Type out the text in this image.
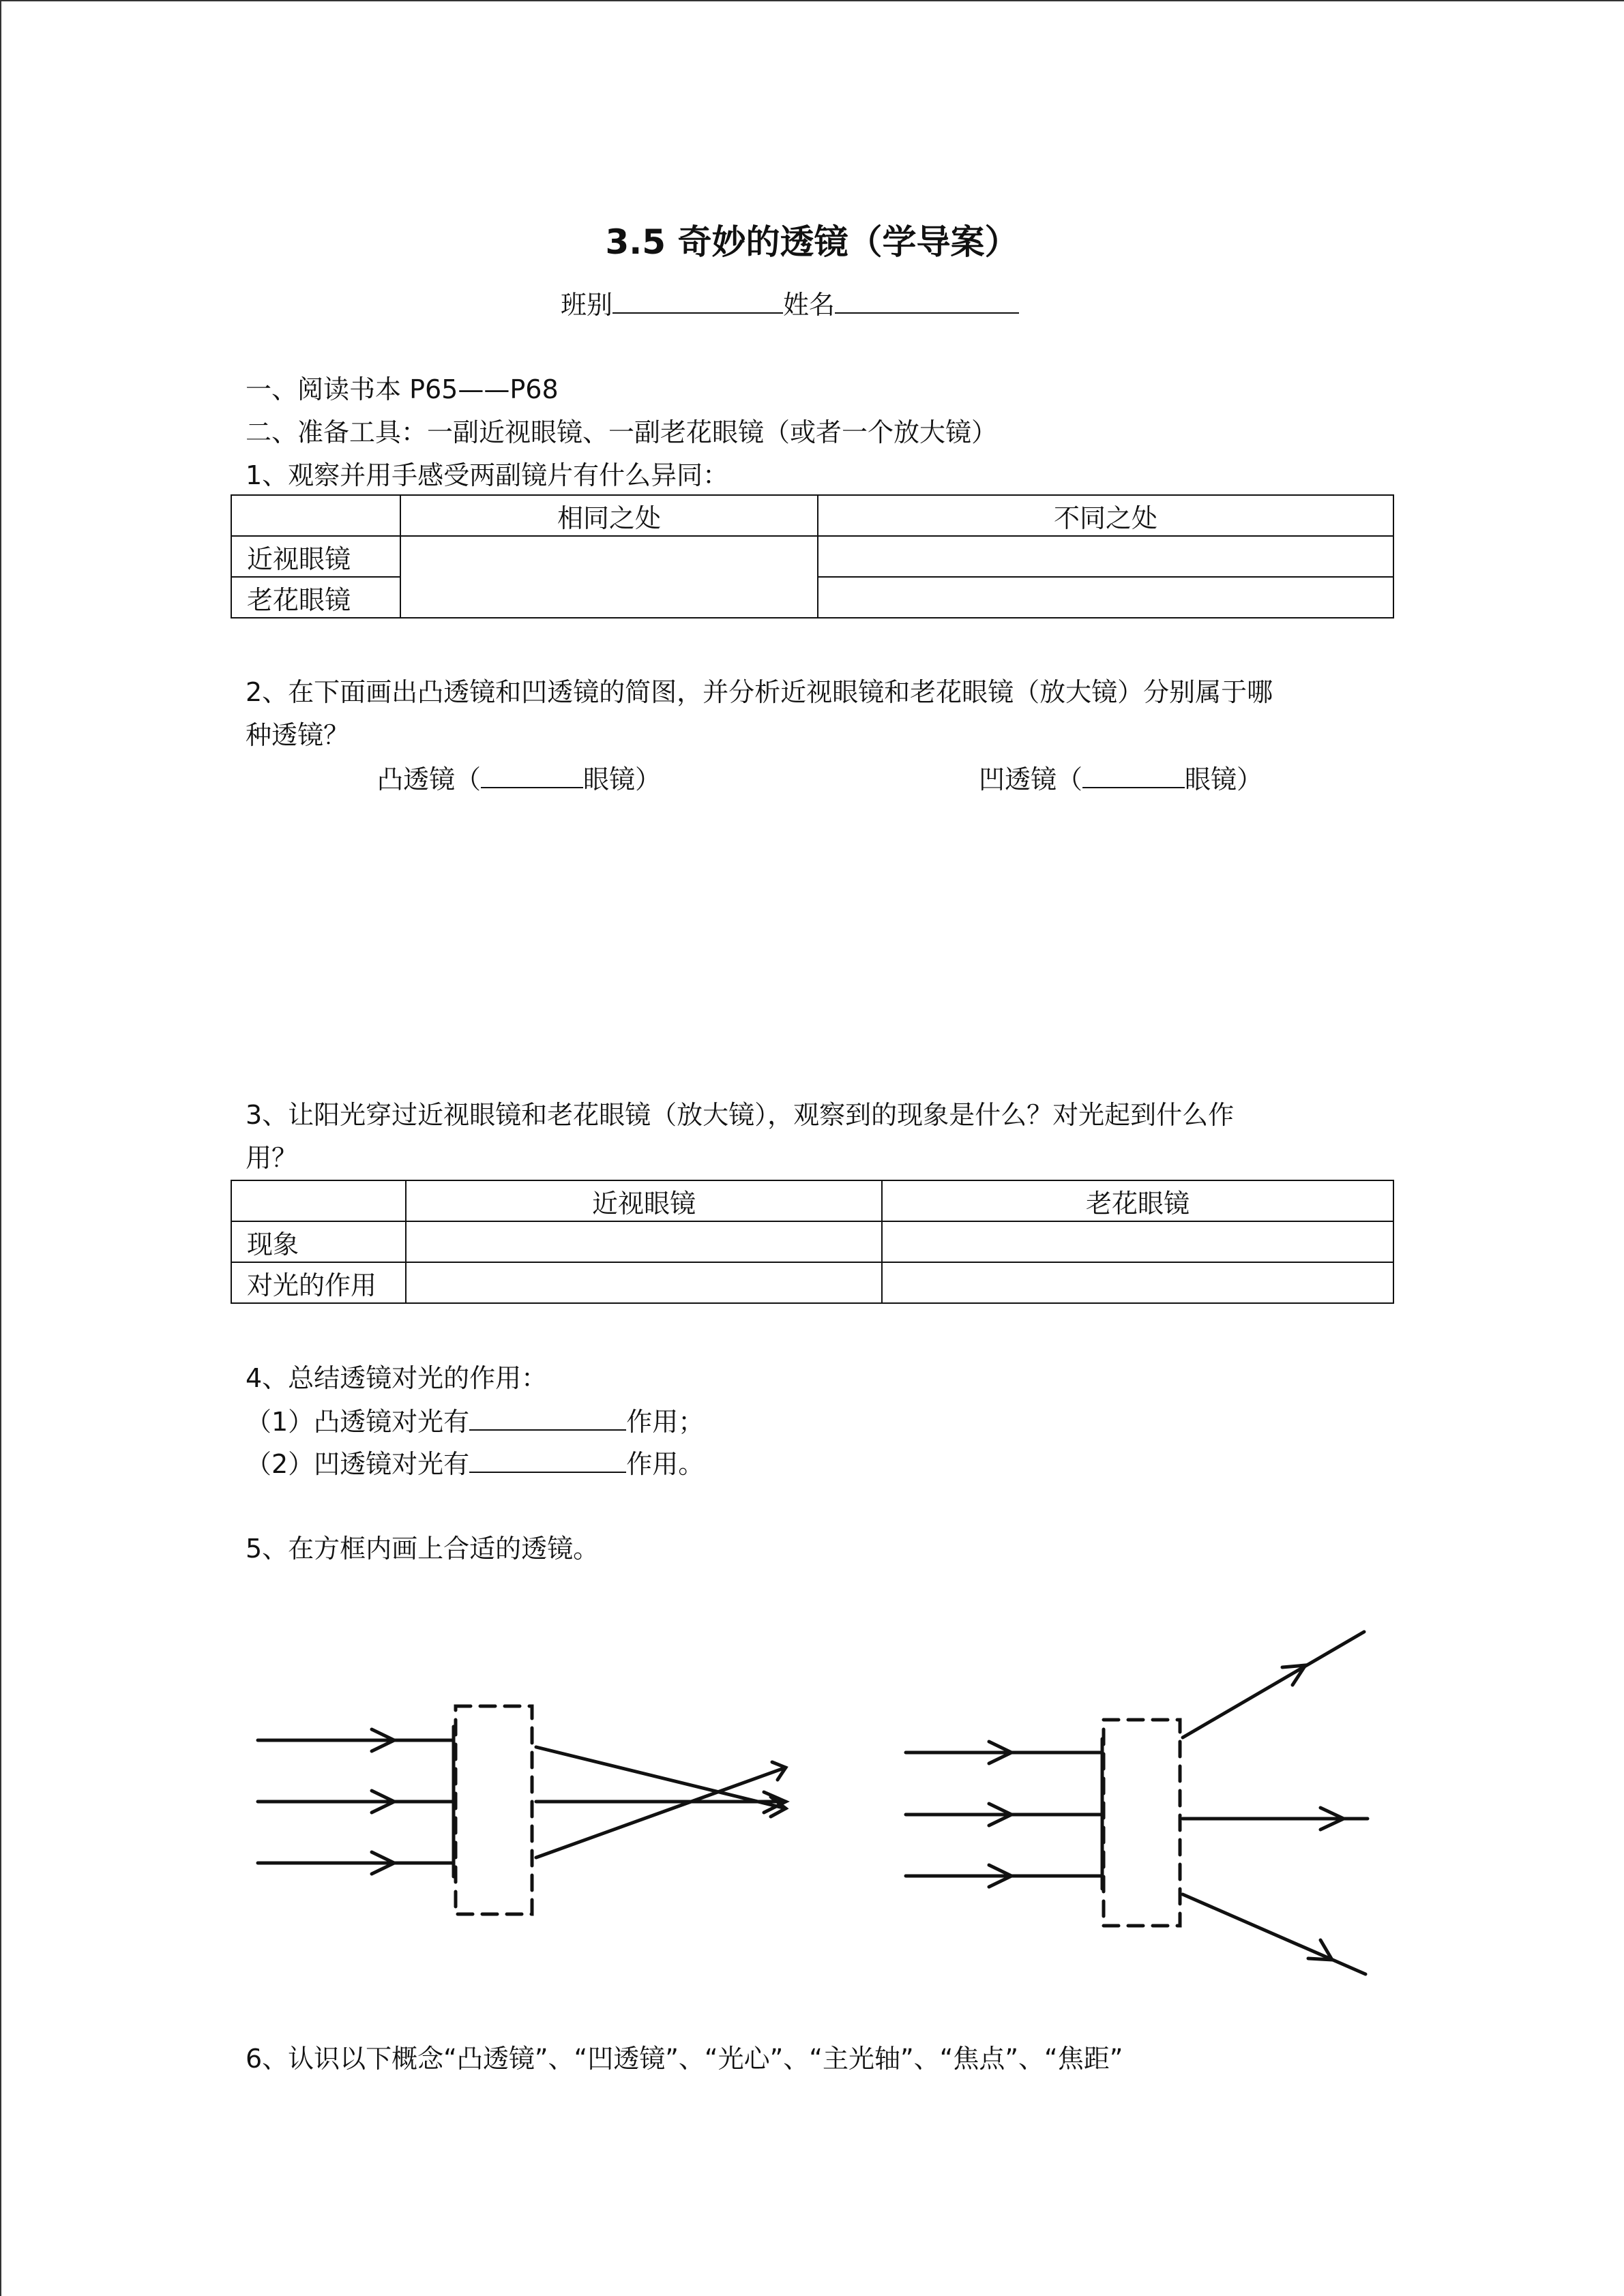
3.5 奇妙的透镜（学导案）
班别	姓名
一、阅读书本 P65——P68
二、准备工具：一副近视眼镜、一副老花眼镜（或者一个放大镜）
1、观察并用手感受两副镜片有什么异同：
	相同之处	不同之处
近视眼镜		
老花眼镜		
2、在下面画出凸透镜和凹透镜的简图，并分析近视眼镜和老花眼镜（放大镜）分别属于哪
种透镜？
凸透镜（	眼镜）	凹透镜（	眼镜）
3、让阳光穿过近视眼镜和老花眼镜（放大镜），观察到的现象是什么？对光起到什么作
用？
	近视眼镜	老花眼镜
现象		
对光的作用		
4、总结透镜对光的作用：
（1）凸透镜对光有	作用；
（2）凹透镜对光有	作用。
5、在方框内画上合适的透镜。
6、认识以下概念“凸透镜”、“凹透镜”、“光心”、“主光轴”、“焦点”、“焦距”
